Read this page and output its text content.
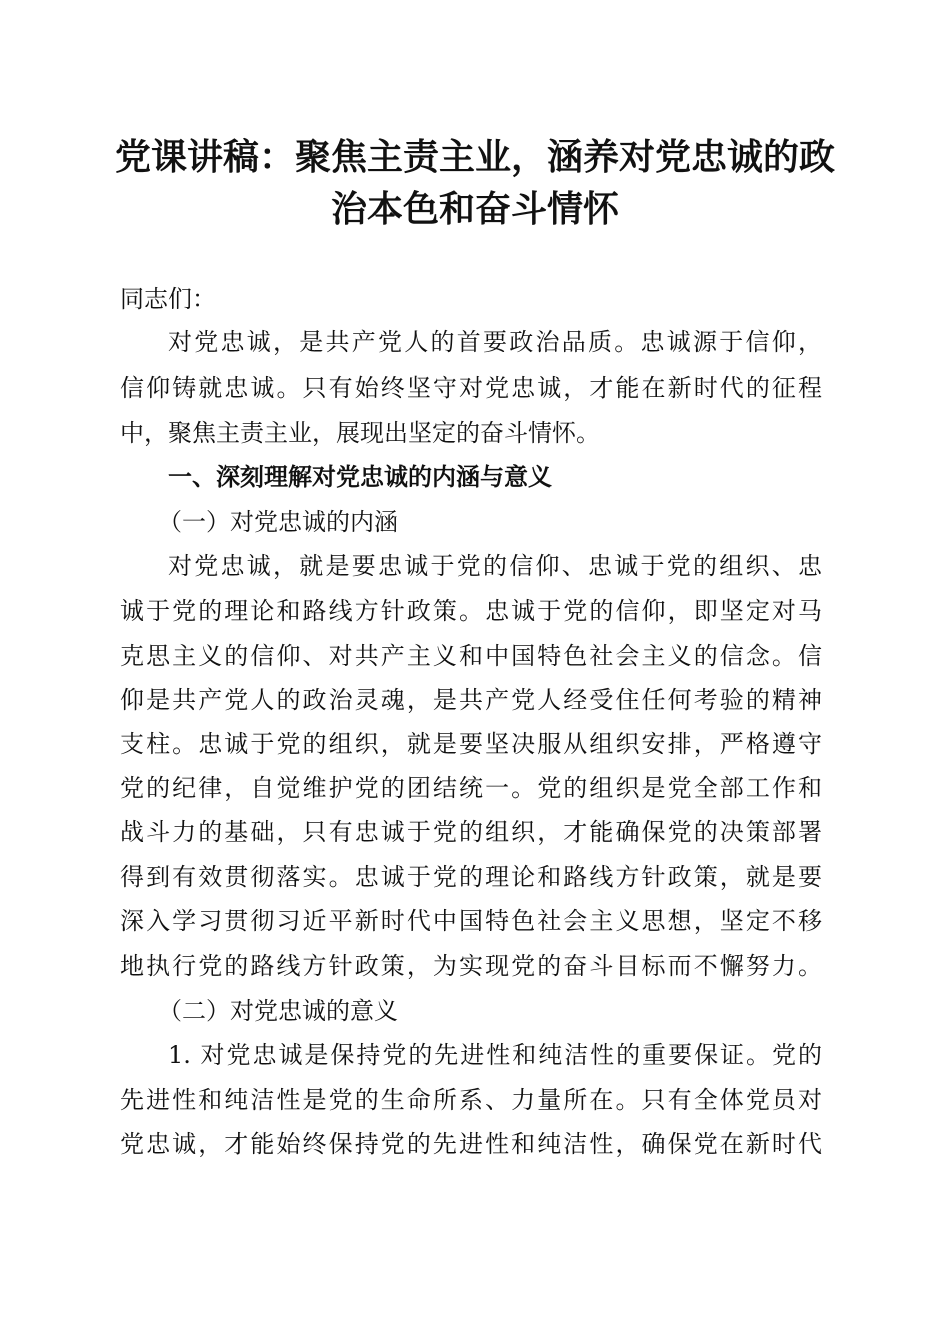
党课讲稿：聚焦主责主业，涵养对党忠诚的政
治本色和奋斗情怀
同志们：
对党忠诚，是共产党人的首要政治品质。忠诚源于信仰，
信仰铸就忠诚。只有始终坚守对党忠诚，才能在新时代的征程
中，聚焦主责主业，展现出坚定的奋斗情怀。
一、深刻理解对党忠诚的内涵与意义
（一）对党忠诚的内涵
对党忠诚，就是要忠诚于党的信仰、忠诚于党的组织、忠
诚于党的理论和路线方针政策。忠诚于党的信仰，即坚定对马
克思主义的信仰、对共产主义和中国特色社会主义的信念。信
仰是共产党人的政治灵魂，是共产党人经受住任何考验的精神
支柱。忠诚于党的组织，就是要坚决服从组织安排，严格遵守
党的纪律，自觉维护党的团结统一。党的组织是党全部工作和
战斗力的基础，只有忠诚于党的组织，才能确保党的决策部署
得到有效贯彻落实。忠诚于党的理论和路线方针政策，就是要
深入学习贯彻习近平新时代中国特色社会主义思想，坚定不移
地执行党的路线方针政策，为实现党的奋斗目标而不懈努力。
（二）对党忠诚的意义
1. 对党忠诚是保持党的先进性和纯洁性的重要保证。党的
先进性和纯洁性是党的生命所系、力量所在。只有全体党员对
党忠诚，才能始终保持党的先进性和纯洁性，确保党在新时代
